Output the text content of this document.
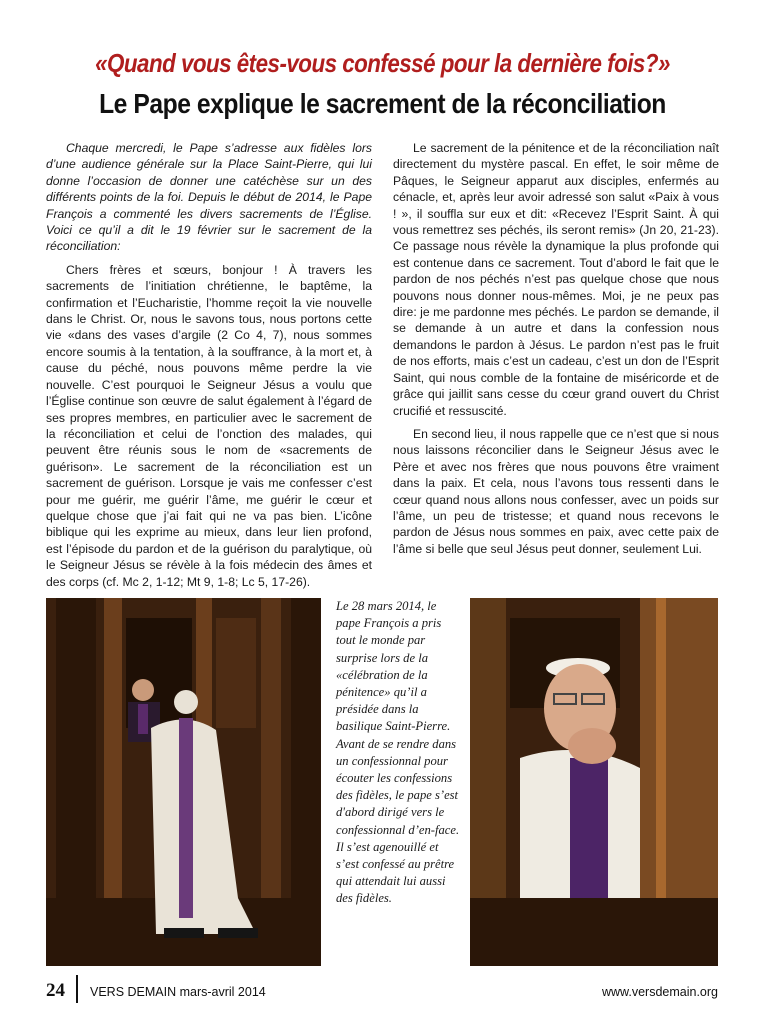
«Quand vous êtes-vous confessé pour la dernière fois?»
Le Pape explique le sacrement de la réconciliation

Chaque mercredi, le Pape s’adresse aux fidèles lors d’une audience générale sur la Place Saint-Pierre, qui lui donne l’occasion de donner une catéchèse sur un des différents points de la foi. Depuis le début de 2014, le Pape François a commenté les divers sacrements de l’Église. Voici ce qu’il a dit le 19 février sur le sacrement de la réconciliation:

Chers frères et sœurs, bonjour ! À travers les sacrements de l’initiation chrétienne, le baptême, la confirmation et l’Eucharistie, l’homme reçoit la vie nouvelle dans le Christ. Or, nous le savons tous, nous portons cette vie «dans des vases d’argile (2 Co 4, 7), nous sommes encore soumis à la tentation, à la souffrance, à la mort et, à cause du péché, nous pouvons même perdre la vie nouvelle. C’est pourquoi le Seigneur Jésus a voulu que l’Église continue son œuvre de salut également à l’égard de ses propres membres, en particulier avec le sacrement de la réconciliation et celui de l’onction des malades, qui peuvent être réunis sous le nom de «sacrements de guérison». Le sacrement de la réconciliation est un sacrement de guérison. Lorsque je vais me confesser c’est pour me guérir, me guérir l’âme, me guérir le cœur et quelque chose que j’ai fait qui ne va pas bien. L’icône biblique qui les exprime au mieux, dans leur lien profond, est l’épisode du pardon et de la guérison du paralytique, où le Seigneur Jésus se révèle à la fois médecin des âmes et des corps (cf. Mc 2, 1-12; Mt 9, 1-8; Lc 5, 17-26).

Le sacrement de la pénitence et de la réconciliation naît directement du mystère pascal. En effet, le soir même de Pâques, le Seigneur apparut aux disciples, enfermés au cénacle, et, après leur avoir adressé son salut «Paix à vous ! », il souffla sur eux et dit: «Recevez l’Esprit Saint. À qui vous remettrez ses péchés, ils seront remis» (Jn 20, 21-23). Ce passage nous révèle la dynamique la plus profonde qui est contenue dans ce sacrement. Tout d’abord le fait que le pardon de nos péchés n’est pas quelque chose que nous pouvons nous donner nous-mêmes. Moi, je ne peux pas dire: je me pardonne mes péchés. Le pardon se demande, il se demande à un autre et dans la confession nous demandons le pardon à Jésus. Le pardon n’est pas le fruit de nos efforts, mais c’est un cadeau, c’est un don de l’Esprit Saint, qui nous comble de la fontaine de miséricorde et de grâce qui jaillit sans cesse du cœur grand ouvert du Christ crucifié et ressuscité.

En second lieu, il nous rappelle que ce n’est que si nous nous laissons réconcilier dans le Seigneur Jésus avec le Père et avec nos frères que nous pouvons être vraiment dans la paix. Et cela, nous l’avons tous ressenti dans le cœur quand nous allons nous confesser, avec un poids sur l’âme, un peu de tristesse; et quand nous recevons le pardon de Jésus nous sommes en paix, avec cette paix de l’âme si belle que seul Jésus peut donner, seulement Lui.

Le 28 mars 2014, le pape François a pris tout le monde par surprise lors de la «célébration de la pénitence» qu’il a présidée dans la basilique Saint-Pierre. Avant de se rendre dans un confessionnal pour écouter les confessions des fidèles, le pape s’est d'abord dirigé vers le confessionnal d’en-face. Il s’est agenouillé et s’est confessé au prêtre qui attendait lui aussi des fidèles.
24 VERS DEMAIN mars-avril 2014	www.versdemain.org
